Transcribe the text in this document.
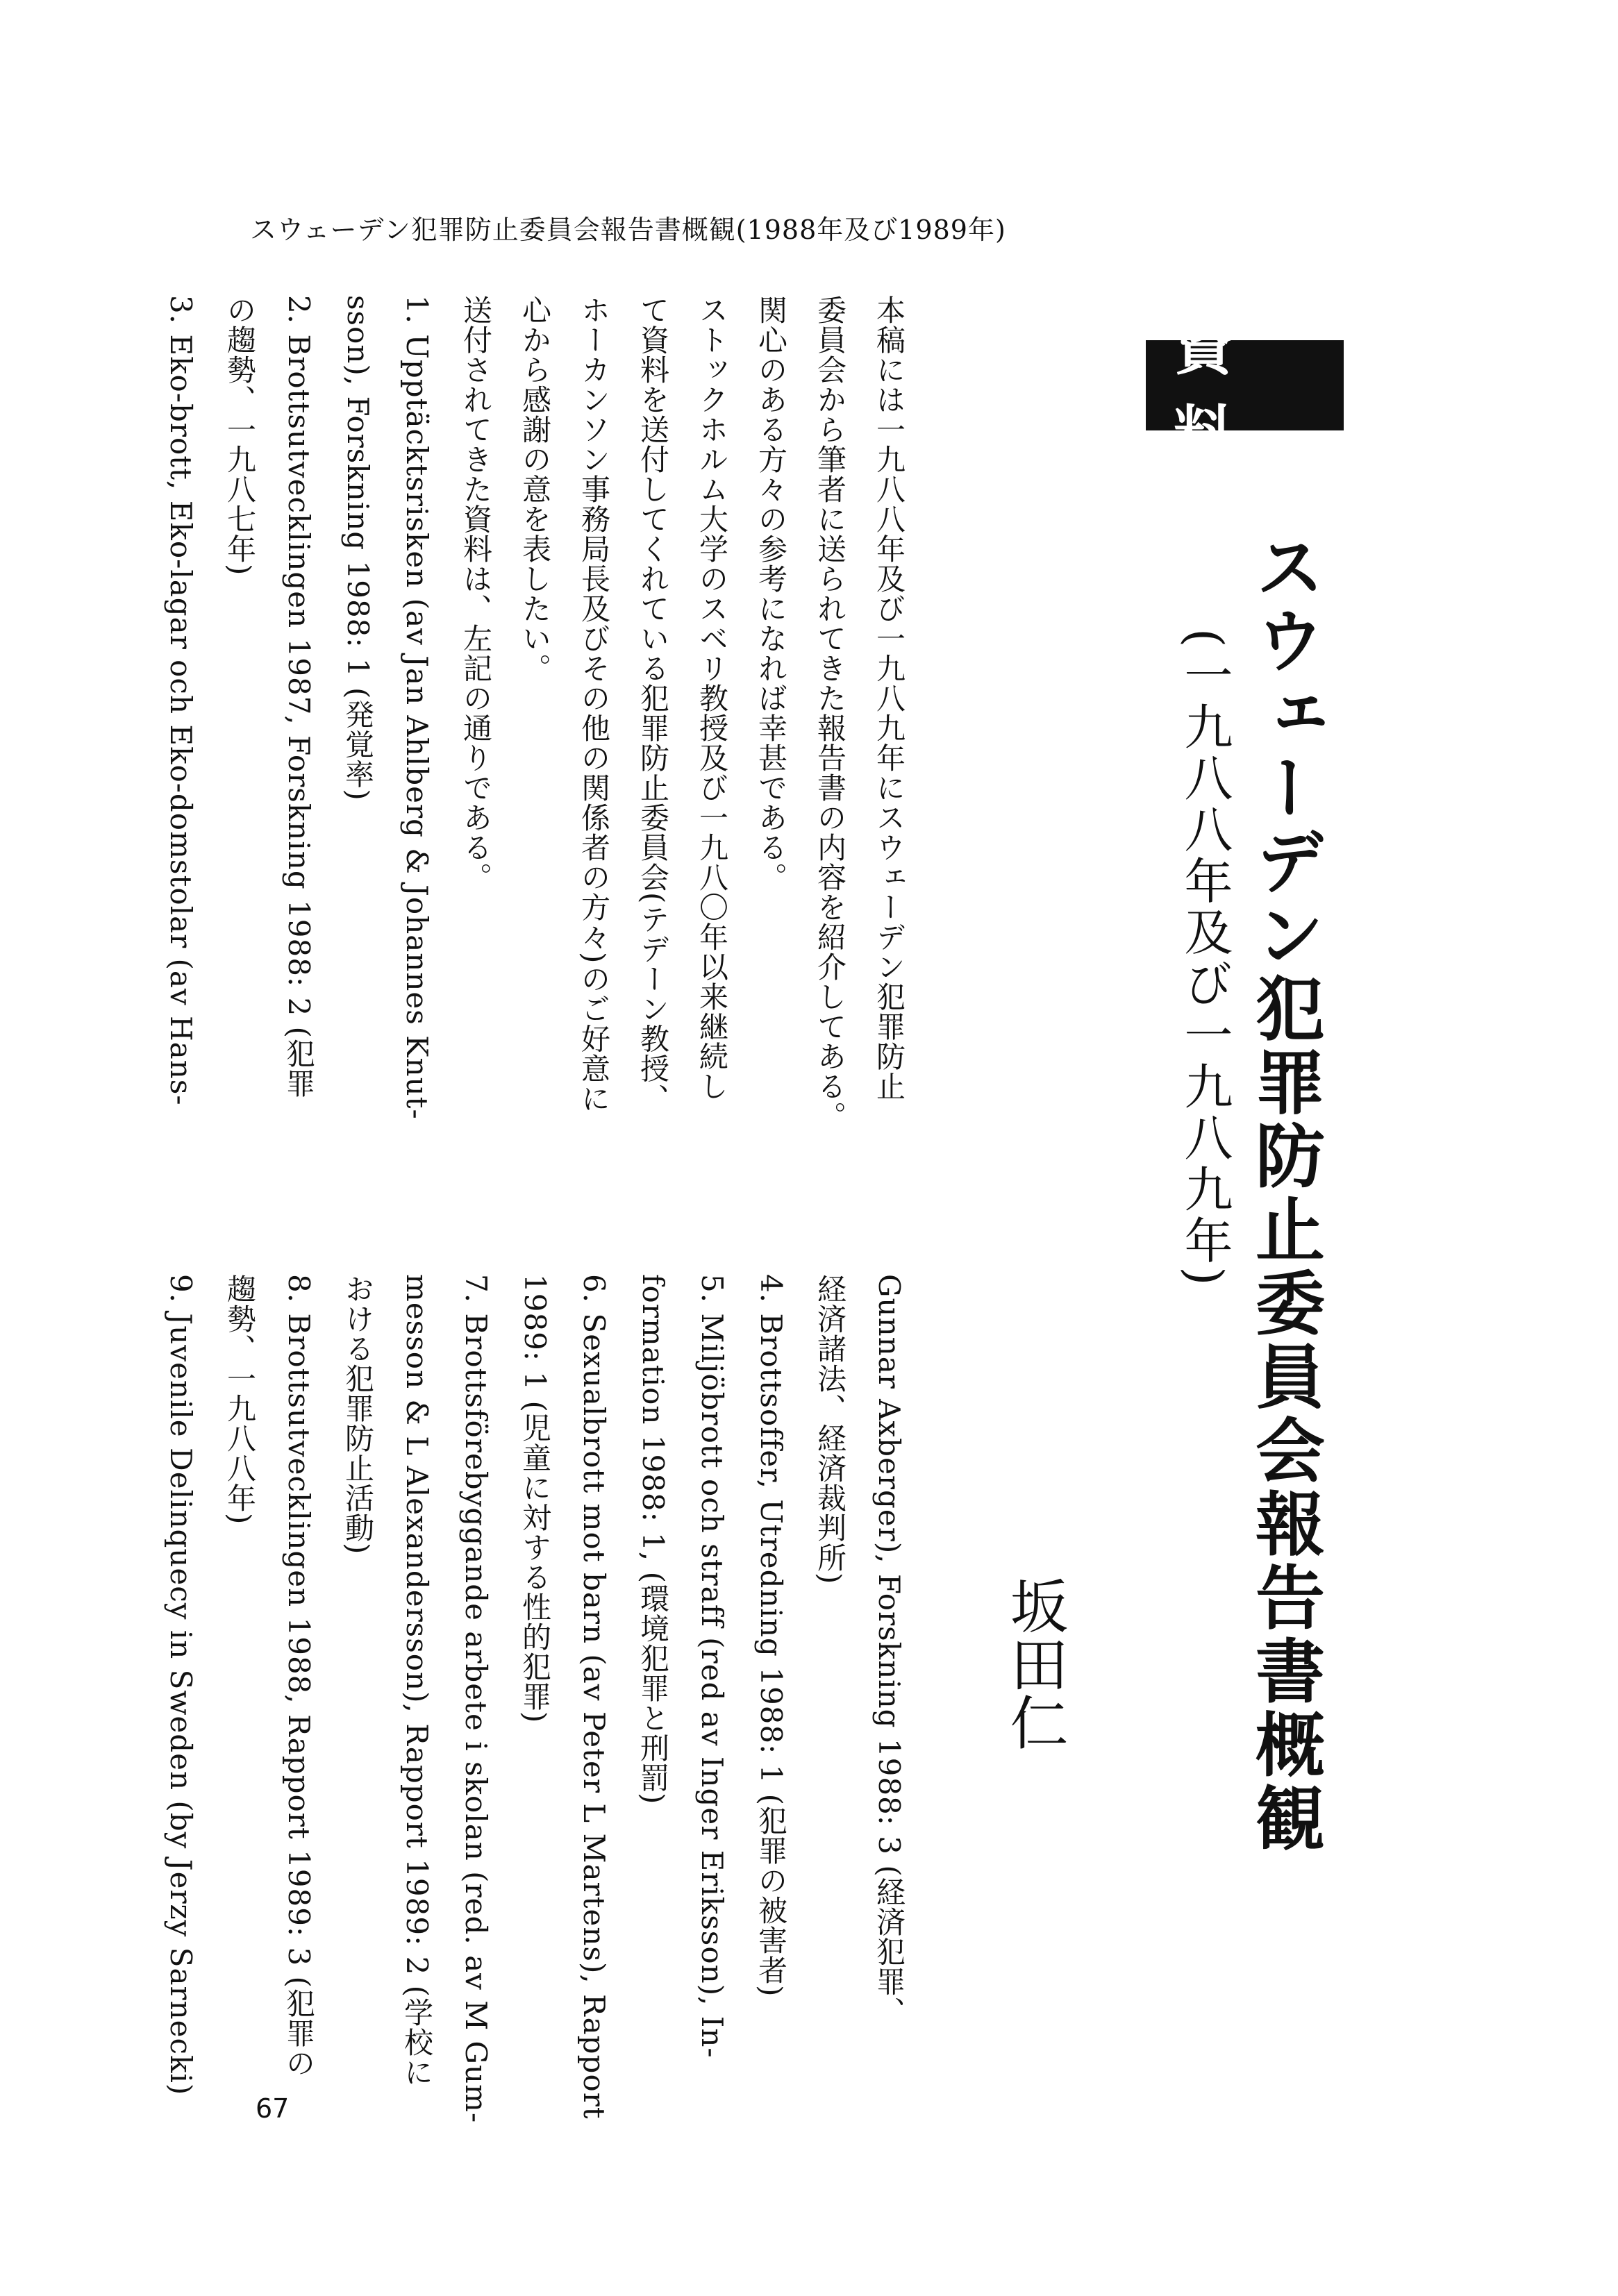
スウェーデン犯罪防止委員会報告書概観(1988年及び1989年)
資料
スウェーデン犯罪防止委員会報告書概観
(一九八八年及び一九八九年)
坂田仁
本稿には一九八八年及び一九八九年にスウェーデン犯罪防止
委員会から筆者に送られてきた報告書の内容を紹介してある。
関心のある方々の参考になれば幸甚である。
ストックホルム大学のスベリ教授及び一九八〇年以来継続し
て資料を送付してくれている犯罪防止委員会(テデーン教授、
ホーカンソン事務局長及びその他の関係者の方々)のご好意に
心から感謝の意を表したい。
送付されてきた資料は、左記の通りである。
1. Upptäcktsrisken (av Jan Ahlberg & Johannes Knut-
sson), Forskning 1988: 1 (発覚率)
2. Brottsutvecklingen 1987, Forskning 1988: 2 (犯罪
の趨勢、一九八七年)
3. Eko-brott, Eko-lagar och Eko-domstolar (av Hans-
Gunnar Axberger), Forskning 1988: 3 (経済犯罪、
経済諸法、経済裁判所)
4. Brottsoffer, Utredning 1988: 1 (犯罪の被害者)
5. Miljöbrott och straff (red av Inger Eriksson), In-
formation 1988: 1, (環境犯罪と刑罰)
6. Sexualbrott mot barn (av Peter L Martens), Rapport
1989: 1 (児童に対する性的犯罪)
7. Brottsförebyggande arbete i skolan (red. av M Gum-
messon & L Alexandersson), Rapport 1989: 2 (学校に
おける犯罪防止活動)
8. Brottsutvecklingen 1988, Rapport 1989: 3 (犯罪の
趨勢、一九八八年)
9. Juvenile Delinquecy in Sweden (by Jerzy Sarnecki)
67
